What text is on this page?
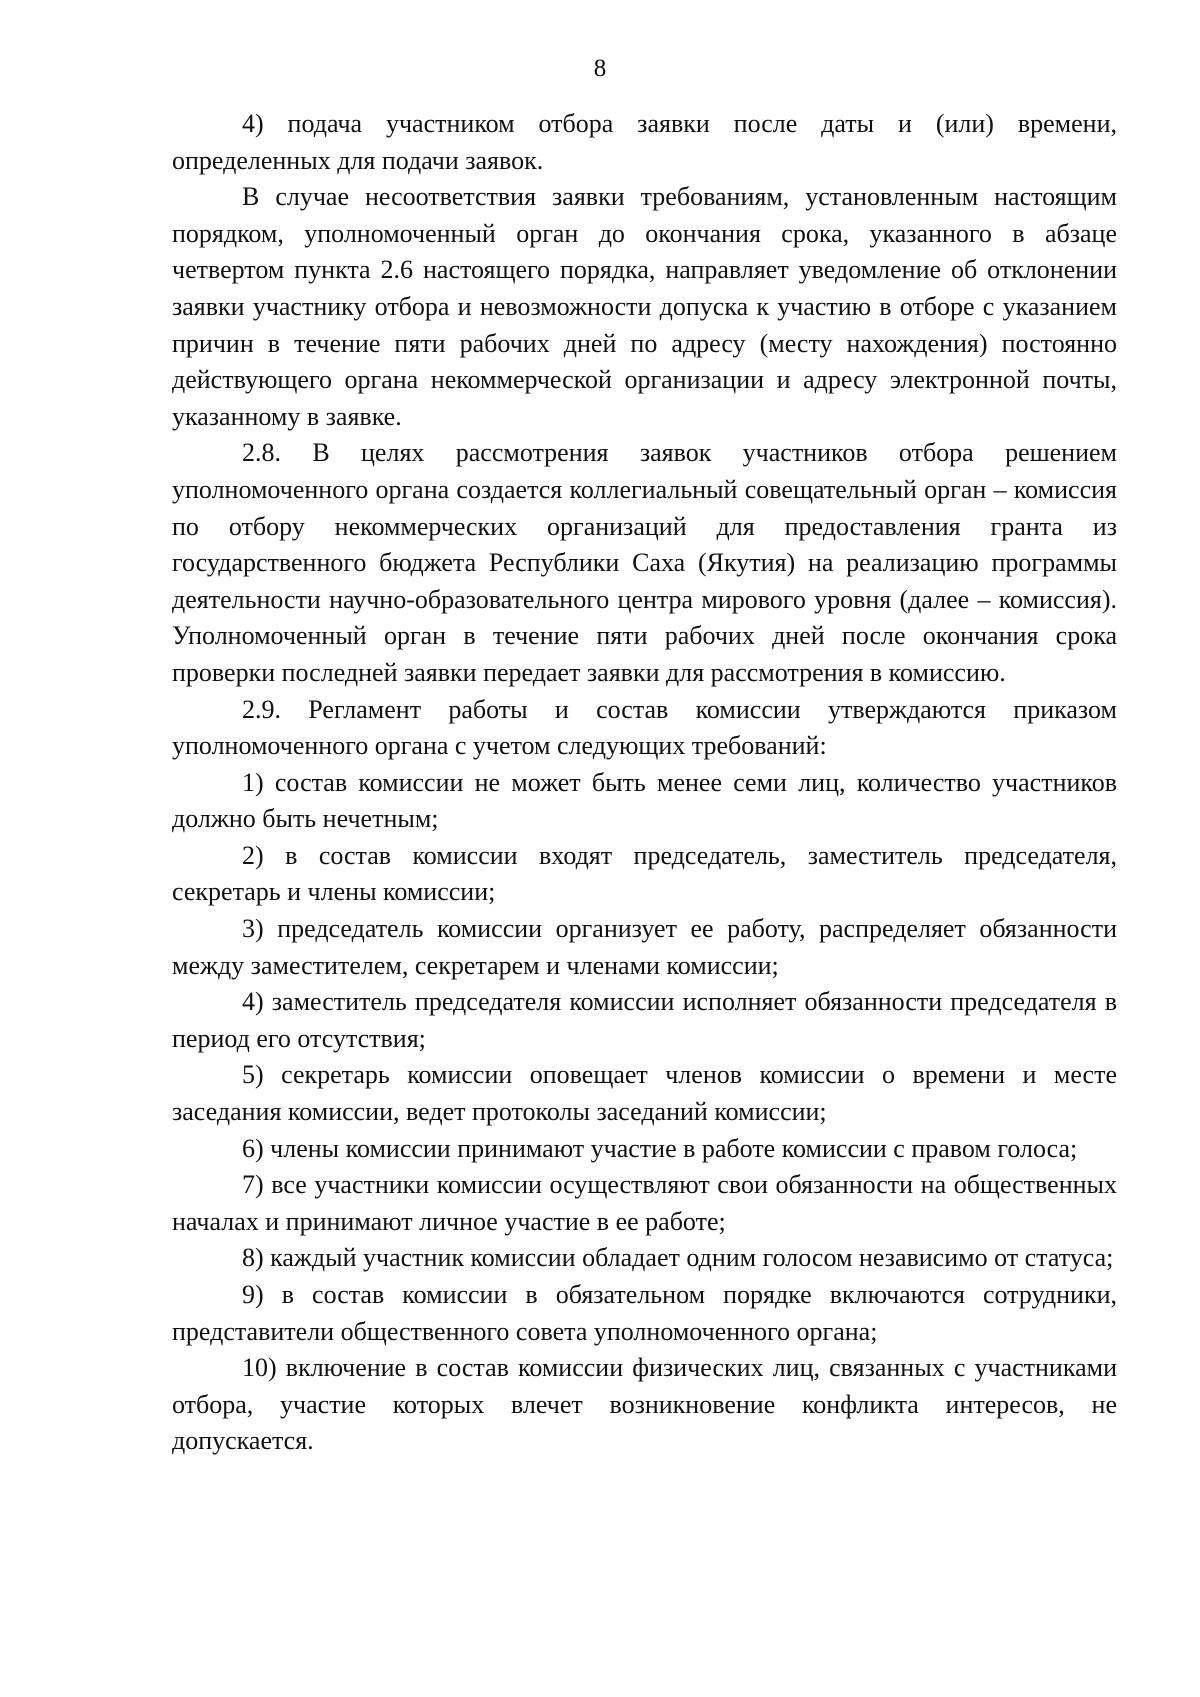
8

4) подача участником отбора заявки после даты и (или) времени, определенных для подачи заявок.

В случае несоответствия заявки требованиям, установленным настоящим порядком, уполномоченный орган до окончания срока, указанного в абзаце четвертом пункта 2.6 настоящего порядка, направляет уведомление об отклонении заявки участнику отбора и невозможности допуска к участию в отборе с указанием причин в течение пяти рабочих дней по адресу (месту нахождения) постоянно действующего органа некоммерческой организации и адресу электронной почты, указанному в заявке.

2.8. В целях рассмотрения заявок участников отбора решением уполномоченного органа создается коллегиальный совещательный орган – комиссия по отбору некоммерческих организаций для предоставления гранта из государственного бюджета Республики Саха (Якутия) на реализацию программы деятельности научно-образовательного центра мирового уровня (далее – комиссия). Уполномоченный орган в течение пяти рабочих дней после окончания срока проверки последней заявки передает заявки для рассмотрения в комиссию.

2.9. Регламент работы и состав комиссии утверждаются приказом уполномоченного органа с учетом следующих требований:

1) состав комиссии не может быть менее семи лиц, количество участников должно быть нечетным;

2) в состав комиссии входят председатель, заместитель председателя, секретарь и члены комиссии;

3) председатель комиссии организует ее работу, распределяет обязанности между заместителем, секретарем и членами комиссии;

4) заместитель председателя комиссии исполняет обязанности председателя в период его отсутствия;

5) секретарь комиссии оповещает членов комиссии о времени и месте заседания комиссии, ведет протоколы заседаний комиссии;

6) члены комиссии принимают участие в работе комиссии с правом голоса;

7) все участники комиссии осуществляют свои обязанности на общественных началах и принимают личное участие в ее работе;

8) каждый участник комиссии обладает одним голосом независимо от статуса;

9) в состав комиссии в обязательном порядке включаются сотрудники, представители общественного совета уполномоченного органа;

10) включение в состав комиссии физических лиц, связанных с участниками отбора, участие которых влечет возникновение конфликта интересов, не допускается.
